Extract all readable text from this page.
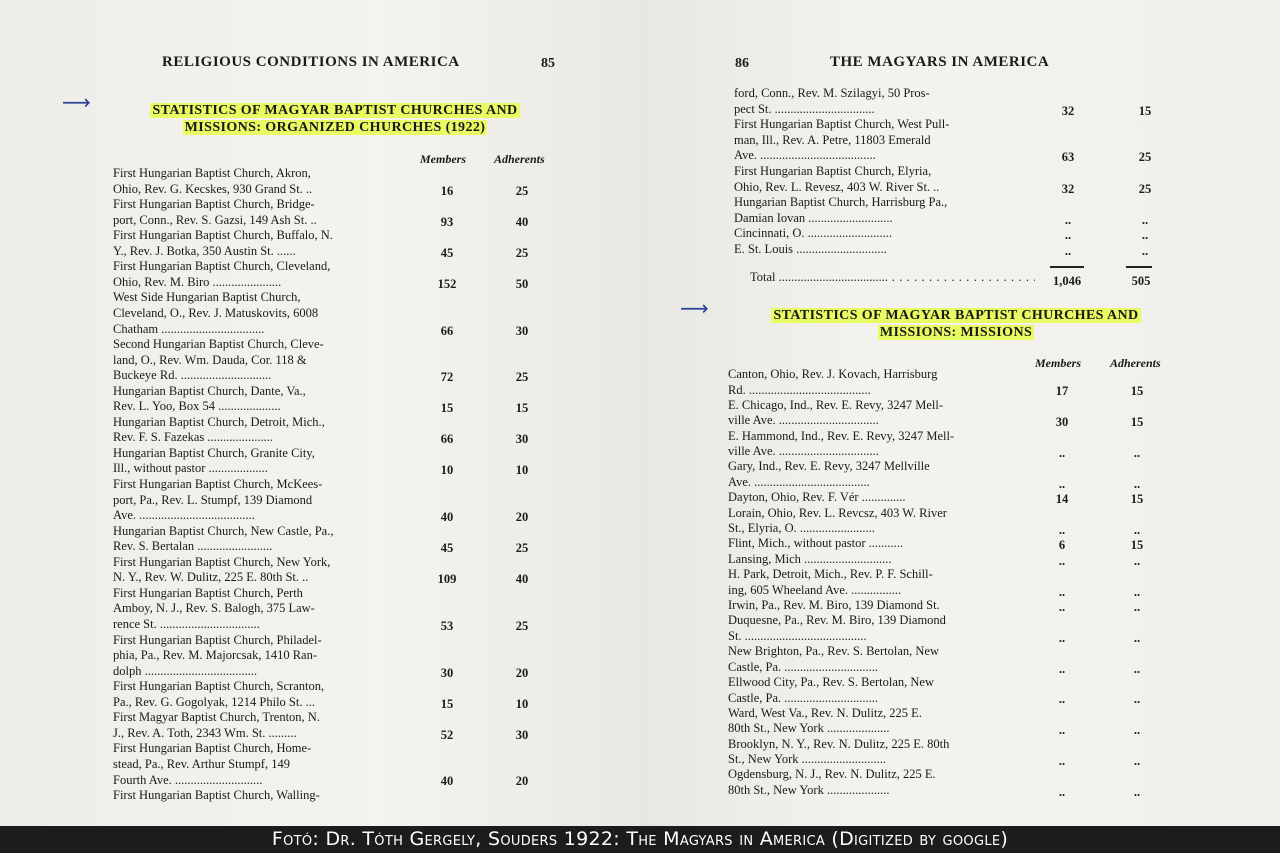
RELIGIOUS CONDITIONS IN AMERICA	85
⟶	STATISTICS OF MAGYAR BAPTIST CHURCHES AND
MISSIONS: ORGANIZED CHURCHES (1922)
Members Adherents
First Hungarian Baptist Church, Akron,
Ohio, Rev. G. Kecskes, 930 Grand St. ..	16	25
First Hungarian Baptist Church, Bridge-
port, Conn., Rev. S. Gazsi, 149 Ash St. ..	93	40
First Hungarian Baptist Church, Buffalo, N.
Y., Rev. J. Botka, 350 Austin St. ......	45	25
First Hungarian Baptist Church, Cleveland,
Ohio, Rev. M. Biro ......................	152	50
West Side Hungarian Baptist Church,
Cleveland, O., Rev. J. Matuskovits, 6008
Chatham .................................	66	30
Second Hungarian Baptist Church, Cleve-
land, O., Rev. Wm. Dauda, Cor. 118 &
Buckeye Rd. .............................	72	25
Hungarian Baptist Church, Dante, Va.,
Rev. L. Yoo, Box 54 ....................	15	15
Hungarian Baptist Church, Detroit, Mich.,
Rev. F. S. Fazekas .....................	66	30
Hungarian Baptist Church, Granite City,
Ill., without pastor ...................	10	10
First Hungarian Baptist Church, McKees-
port, Pa., Rev. L. Stumpf, 139 Diamond
Ave. .....................................	40	20
Hungarian Baptist Church, New Castle, Pa.,
Rev. S. Bertalan ........................	45	25
First Hungarian Baptist Church, New York,
N. Y., Rev. W. Dulitz, 225 E. 80th St. ..	109	40
First Hungarian Baptist Church, Perth
Amboy, N. J., Rev. S. Balogh, 375 Law-
rence St. ................................	53	25
First Hungarian Baptist Church, Philadel-
phia, Pa., Rev. M. Majorcsak, 1410 Ran-
dolph ....................................	30	20
First Hungarian Baptist Church, Scranton,
Pa., Rev. G. Gogolyak, 1214 Philo St. ...	15	10
First Magyar Baptist Church, Trenton, N.
J., Rev. A. Toth, 2343 Wm. St. .........	52	30
First Hungarian Baptist Church, Home-
stead, Pa., Rev. Arthur Stumpf, 149
Fourth Ave. ............................	40	20
First Hungarian Baptist Church, Walling-
86	THE MAGYARS IN AMERICA
ford, Conn., Rev. M. Szilagyi, 50 Pros-
pect St. ................................	32	15
First Hungarian Baptist Church, West Pull-
man, Ill., Rev. A. Petre, 11803 Emerald
Ave. .....................................	63	25
First Hungarian Baptist Church, Elyria,
Ohio, Rev. L. Revesz, 403 W. River St. ..	32	25
Hungarian Baptist Church, Harrisburg Pa.,
Damian Iovan ...........................	..	..
Cincinnati, O. ...........................	..	..
E. St. Louis .............................	..	..
Total ................................... . . .	1,046	505
⟶	STATISTICS OF MAGYAR BAPTIST CHURCHES AND
MISSIONS: MISSIONS
Members Adherents
Canton, Ohio, Rev. J. Kovach, Harrisburg
Rd. .......................................	17	15
E. Chicago, Ind., Rev. E. Revy, 3247 Mell-
ville Ave. ................................	30	15
E. Hammond, Ind., Rev. E. Revy, 3247 Mell-
ville Ave. ................................	..	..
Gary, Ind., Rev. E. Revy, 3247 Mellville
Ave. .....................................	..	..
Dayton, Ohio, Rev. F. Vér ..............	14	15
Lorain, Ohio, Rev. L. Revcsz, 403 W. River
St., Elyria, O. ........................	..	..
Flint, Mich., without pastor ...........	6	15
Lansing, Mich ............................	..	..
H. Park, Detroit, Mich., Rev. P. F. Schill-
ing, 605 Wheeland Ave. ................	..	..
Irwin, Pa., Rev. M. Biro, 139 Diamond St.	..	..
Duquesne, Pa., Rev. M. Biro, 139 Diamond
St. .......................................	..	..
New Brighton, Pa., Rev. S. Bertolan, New
Castle, Pa. ..............................	..	..
Ellwood City, Pa., Rev. S. Bertolan, New
Castle, Pa. ..............................	..	..
Ward, West Va., Rev. N. Dulitz, 225 E.
80th St., New York ....................	..	..
Brooklyn, N. Y., Rev. N. Dulitz, 225 E. 80th
St., New York ...........................	..	..
Ogdensburg, N. J., Rev. N. Dulitz, 225 E.
80th St., New York ....................	..	..
Fotó: Dr. Tóth Gergely, Souders 1922: The Magyars in America (Digitized by google)
